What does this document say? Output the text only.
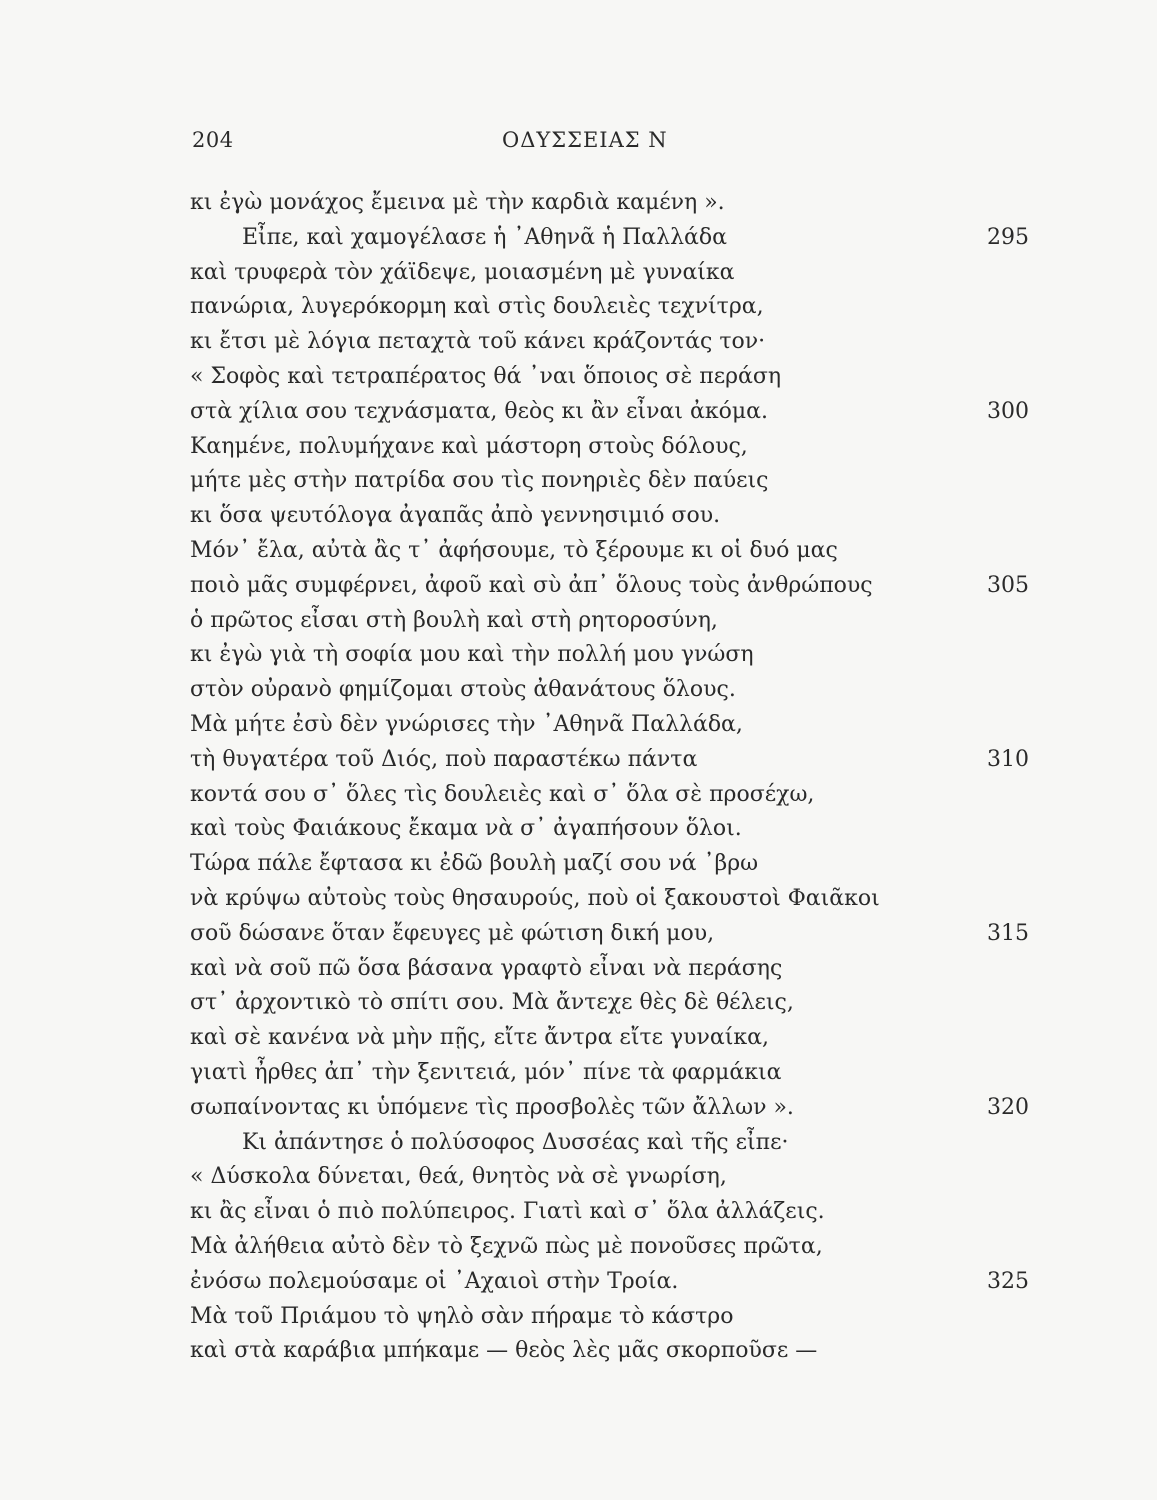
204	ΟΔΥΣΣΕΙΑΣ Ν
κι ἐγὼ μονάχος ἔμεινα μὲ τὴν καρδιὰ καμένη ».
Εἶπε, καὶ χαμογέλασε ἡ ᾿Αθηνᾶ ἡ Παλλάδα	295
καὶ τρυφερὰ τὸν χάϊδεψε, μοιασμένη μὲ γυναίκα
πανώρια, λυγερόκορμη καὶ στὶς δουλειὲς τεχνίτρα,
κι ἔτσι μὲ λόγια πεταχτὰ τοῦ κάνει κράζοντάς τον·
« Σοφὸς καὶ τετραπέρατος θά ᾿ναι ὅποιος σὲ περάση
στὰ χίλια σου τεχνάσματα, θεὸς κι ἂν εἶναι ἀκόμα.	300
Καημένε, πολυμήχανε καὶ μάστορη στοὺς δόλους,
μήτε μὲς στὴν πατρίδα σου τὶς πονηριὲς δὲν παύεις
κι ὅσα ψευτόλογα ἀγαπᾶς ἀπὸ γεννησιμιό σου.
Μόν᾿ ἔλα, αὐτὰ ἂς τ᾿ ἀφήσουμε, τὸ ξέρουμε κι οἱ δυό μας
ποιὸ μᾶς συμφέρνει, ἀφοῦ καὶ σὺ ἀπ᾿ ὅλους τοὺς ἀνθρώπους	305
ὁ πρῶτος εἶσαι στὴ βουλὴ καὶ στὴ ρητοροσύνη,
κι ἐγὼ γιὰ τὴ σοφία μου καὶ τὴν πολλή μου γνώση
στὸν οὐρανὸ φημίζομαι στοὺς ἀθανάτους ὅλους.
Μὰ μήτε ἐσὺ δὲν γνώρισες τὴν ᾿Αθηνᾶ Παλλάδα,
τὴ θυγατέρα τοῦ Διός, ποὺ παραστέκω πάντα	310
κοντά σου σ᾿ ὅλες τὶς δουλειὲς καὶ σ᾿ ὅλα σὲ προσέχω,
καὶ τοὺς Φαιάκους ἔκαμα νὰ σ᾿ ἀγαπήσουν ὅλοι.
Τώρα πάλε ἔφτασα κι ἐδῶ βουλὴ μαζί σου νά ᾿βρω
νὰ κρύψω αὐτοὺς τοὺς θησαυρούς, ποὺ οἱ ξακουστοὶ Φαιᾶκοι
σοῦ δώσανε ὅταν ἔφευγες μὲ φώτιση δική μου,	315
καὶ νὰ σοῦ πῶ ὅσα βάσανα γραφτὸ εἶναι νὰ περάσης
στ᾿ ἀρχοντικὸ τὸ σπίτι σου. Μὰ ἄντεχε θὲς δὲ θέλεις,
καὶ σὲ κανένα νὰ μὴν πῇς, εἴτε ἄντρα εἴτε γυναίκα,
γιατὶ ἦρθες ἀπ᾿ τὴν ξενιτειά, μόν᾿ πίνε τὰ φαρμάκια
σωπαίνοντας κι ὑπόμενε τὶς προσβολὲς τῶν ἄλλων ».	320
Κι ἀπάντησε ὁ πολύσοφος Δυσσέας καὶ τῆς εἶπε·
« Δύσκολα δύνεται, θεά, θνητὸς νὰ σὲ γνωρίση,
κι ἂς εἶναι ὁ πιὸ πολύπειρος. Γιατὶ καὶ σ᾿ ὅλα ἀλλάζεις.
Μὰ ἀλήθεια αὐτὸ δὲν τὸ ξεχνῶ πὼς μὲ πονοῦσες πρῶτα,
ἐνόσω πολεμούσαμε οἱ ᾿Αχαιοὶ στὴν Τροία.	325
Μὰ τοῦ Πριάμου τὸ ψηλὸ σὰν πήραμε τὸ κάστρο
καὶ στὰ καράβια μπήκαμε — θεὸς λὲς μᾶς σκορποῦσε —
